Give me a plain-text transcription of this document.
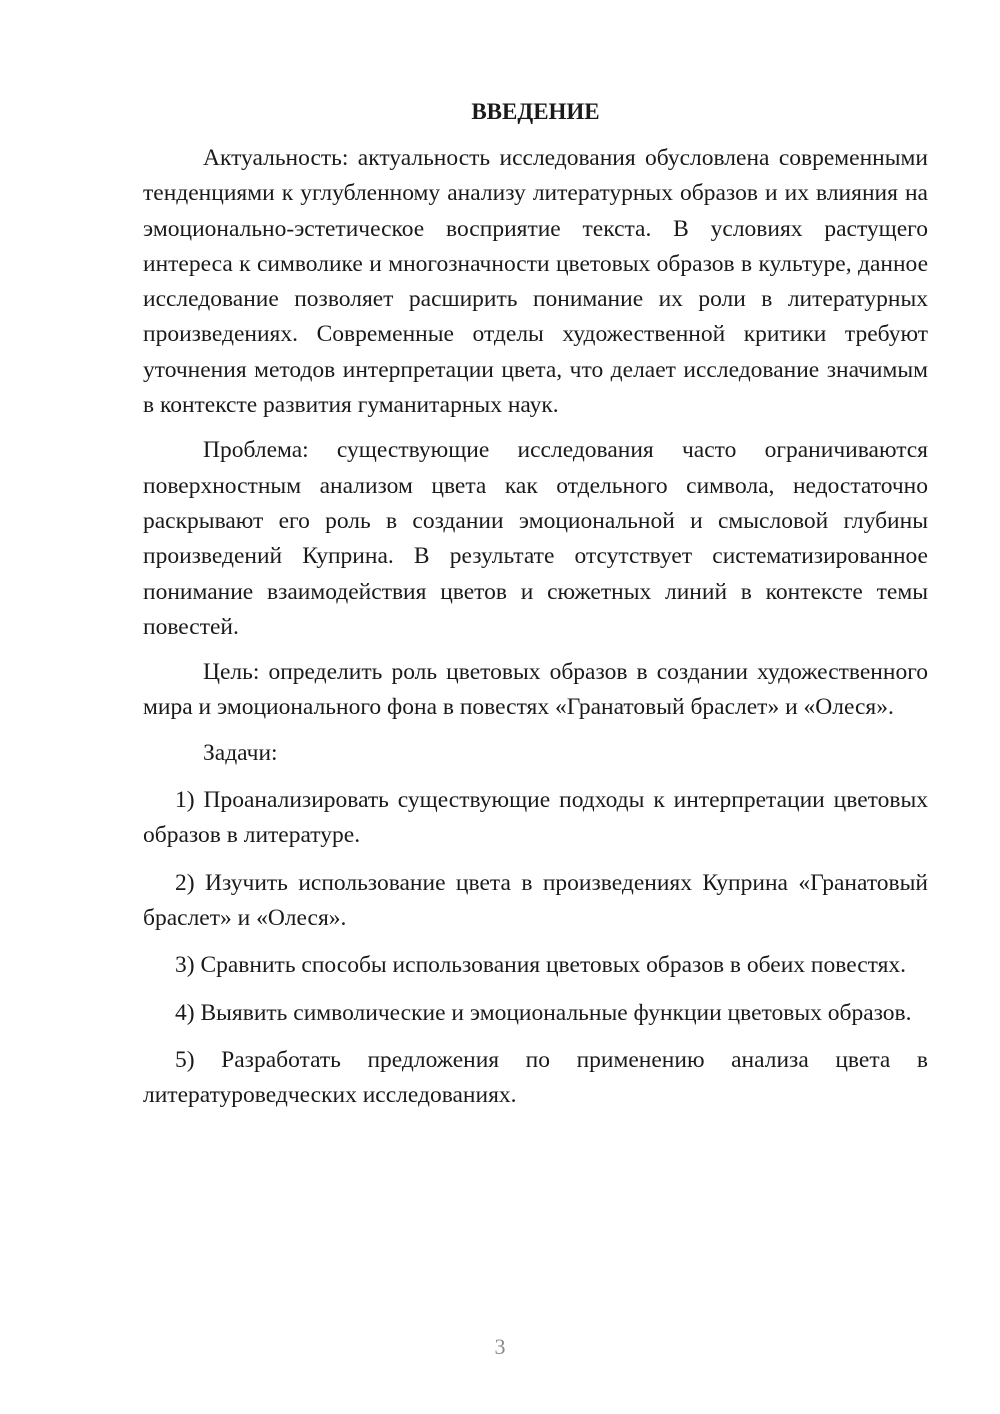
ВВЕДЕНИЕ

Актуальность: актуальность исследования обусловлена современными тенденциями к углубленному анализу литературных образов и их влияния на эмоционально-эстетическое восприятие текста. В условиях растущего интереса к символике и многозначности цветовых образов в культуре, данное исследование позволяет расширить понимание их роли в литературных произведениях. Современные отделы художественной критики требуют уточнения методов интерпретации цвета, что делает исследование значимым в контексте развития гуманитарных наук.

Проблема: существующие исследования часто ограничиваются поверхностным анализом цвета как отдельного символа, недостаточно раскрывают его роль в создании эмоциональной и смысловой глубины произведений Куприна. В результате отсутствует систематизированное понимание взаимодействия цветов и сюжетных линий в контексте темы повестей.

Цель: определить роль цветовых образов в создании художественного мира и эмоционального фона в повестях «Гранатовый браслет» и «Олеся».

Задачи:

1) Проанализировать существующие подходы к интерпретации цветовых образов в литературе.

2) Изучить использование цвета в произведениях Куприна «Гранатовый браслет» и «Олеся».

3) Сравнить способы использования цветовых образов в обеих повестях.

4) Выявить символические и эмоциональные функции цветовых образов.

5) Разработать предложения по применению анализа цвета в литературоведческих исследованиях.

3
